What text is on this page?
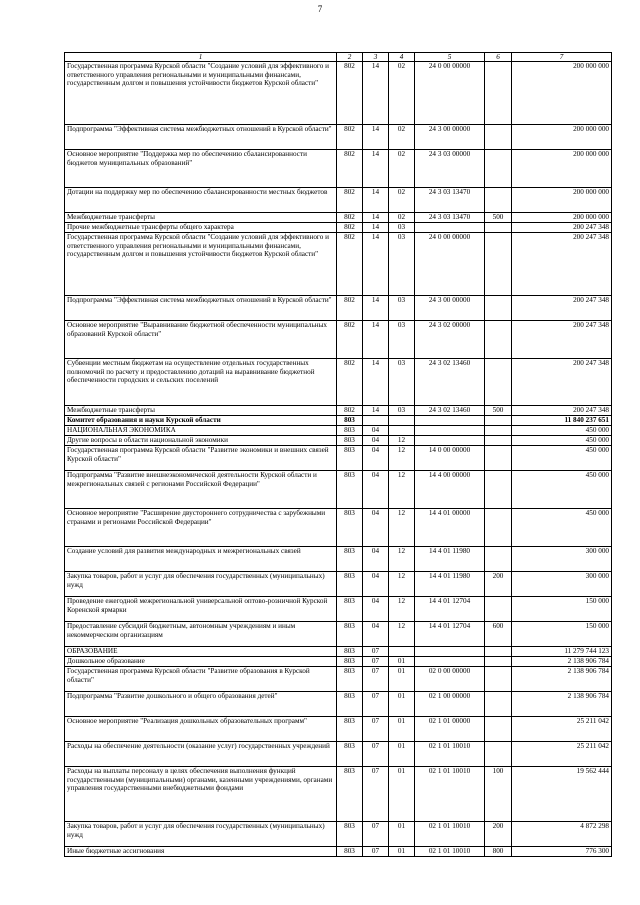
7
1	2	3	4	5	6	7
Государственная программа Курской области "Создание условий для эффективного и ответственного управления региональными и муниципальными финансами, государственным долгом и повышения устойчивости бюджетов Курской области"	802	14	02	24 0 00 00000		200 000 000
Подпрограмма "Эффективная система межбюджетных отношений в Курской области"	802	14	02	24 3 00 00000		200 000 000
Основное мероприятие "Поддержка мер по обеспечению сбалансированности бюджетов муниципальных образований"	802	14	02	24 3 03 00000		200 000 000
Дотации на поддержку мер по обеспечению сбалансированности местных бюджетов	802	14	02	24 3 03 13470		200 000 000
Межбюджетные трансферты	802	14	02	24 3 03 13470	500	200 000 000
Прочие межбюджетные трансферты общего характера	802	14	03			200 247 348
Государственная программа Курской области "Создание условий для эффективного и ответственного управления региональными и муниципальными финансами, государственным долгом и повышения устойчивости бюджетов Курской области"	802	14	03	24 0 00 00000		200 247 348
Подпрограмма "Эффективная система межбюджетных отношений в Курской области"	802	14	03	24 3 00 00000		200 247 348
Основное мероприятие "Выравнивание бюджетной обеспеченности муниципальных образований Курской области"	802	14	03	24 3 02 00000		200 247 348
Субвенции местным бюджетам на осуществление отдельных государственных полномочий по расчету и предоставлению дотаций на выравнивание бюджетной обеспеченности городских и сельских поселений	802	14	03	24 3 02 13460		200 247 348
Межбюджетные трансферты	802	14	03	24 3 02 13460	500	200 247 348
Комитет образования и науки Курской области	803					11 840 237 651
НАЦИОНАЛЬНАЯ ЭКОНОМИКА	803	04				450 000
Другие вопросы в области национальной экономики	803	04	12			450 000
Государственная программа Курской области "Развитие экономики и внешних связей Курской области"	803	04	12	14 0 00 00000		450 000
Подпрограмма "Развитие внешнеэкономической деятельности Курской области и межрегиональных связей с регионами Российской Федерации"	803	04	12	14 4 00 00000		450 000
Основное мероприятие "Расширение двустороннего сотрудничества с зарубежными странами и регионами Российской Федерации"	803	04	12	14 4 01 00000		450 000
Создание условий для развития международных и межрегиональных связей	803	04	12	14 4 01 11980		300 000
Закупка товаров, работ и услуг для обеспечения государственных (муниципальных) нужд	803	04	12	14 4 01 11980	200	300 000
Проведение ежегодной межрегиональной универсальной оптово-розничной Курской Коренской ярмарки	803	04	12	14 4 01 12704		150 000
Предоставление субсидий бюджетным, автономным учреждениям и иным некоммерческим организациям	803	04	12	14 4 01 12704	600	150 000
ОБРАЗОВАНИЕ	803	07				11 279 744 123
Дошкольное образование	803	07	01			2 138 906 784
Государственная программа Курской области "Развитие образования в Курской области"	803	07	01	02 0 00 00000		2 138 906 784
Подпрограмма "Развитие дошкольного и общего образования детей"	803	07	01	02 1 00 00000		2 138 906 784
Основное мероприятие "Реализация дошкольных образовательных программ"	803	07	01	02 1 01 00000		25 211 042
Расходы на обеспечение деятельности (оказание услуг) государственных учреждений	803	07	01	02 1 01 10010		25 211 042
Расходы на выплаты персоналу в целях обеспечения выполнения функций государственными (муниципальными) органами, казенными учреждениями, органами управления государственными внебюджетными фондами	803	07	01	02 1 01 10010	100	19 562 444
Закупка товаров, работ и услуг для обеспечения государственных (муниципальных) нужд	803	07	01	02 1 01 10010	200	4 872 298
Иные бюджетные ассигнования	803	07	01	02 1 01 10010	800	776 300
